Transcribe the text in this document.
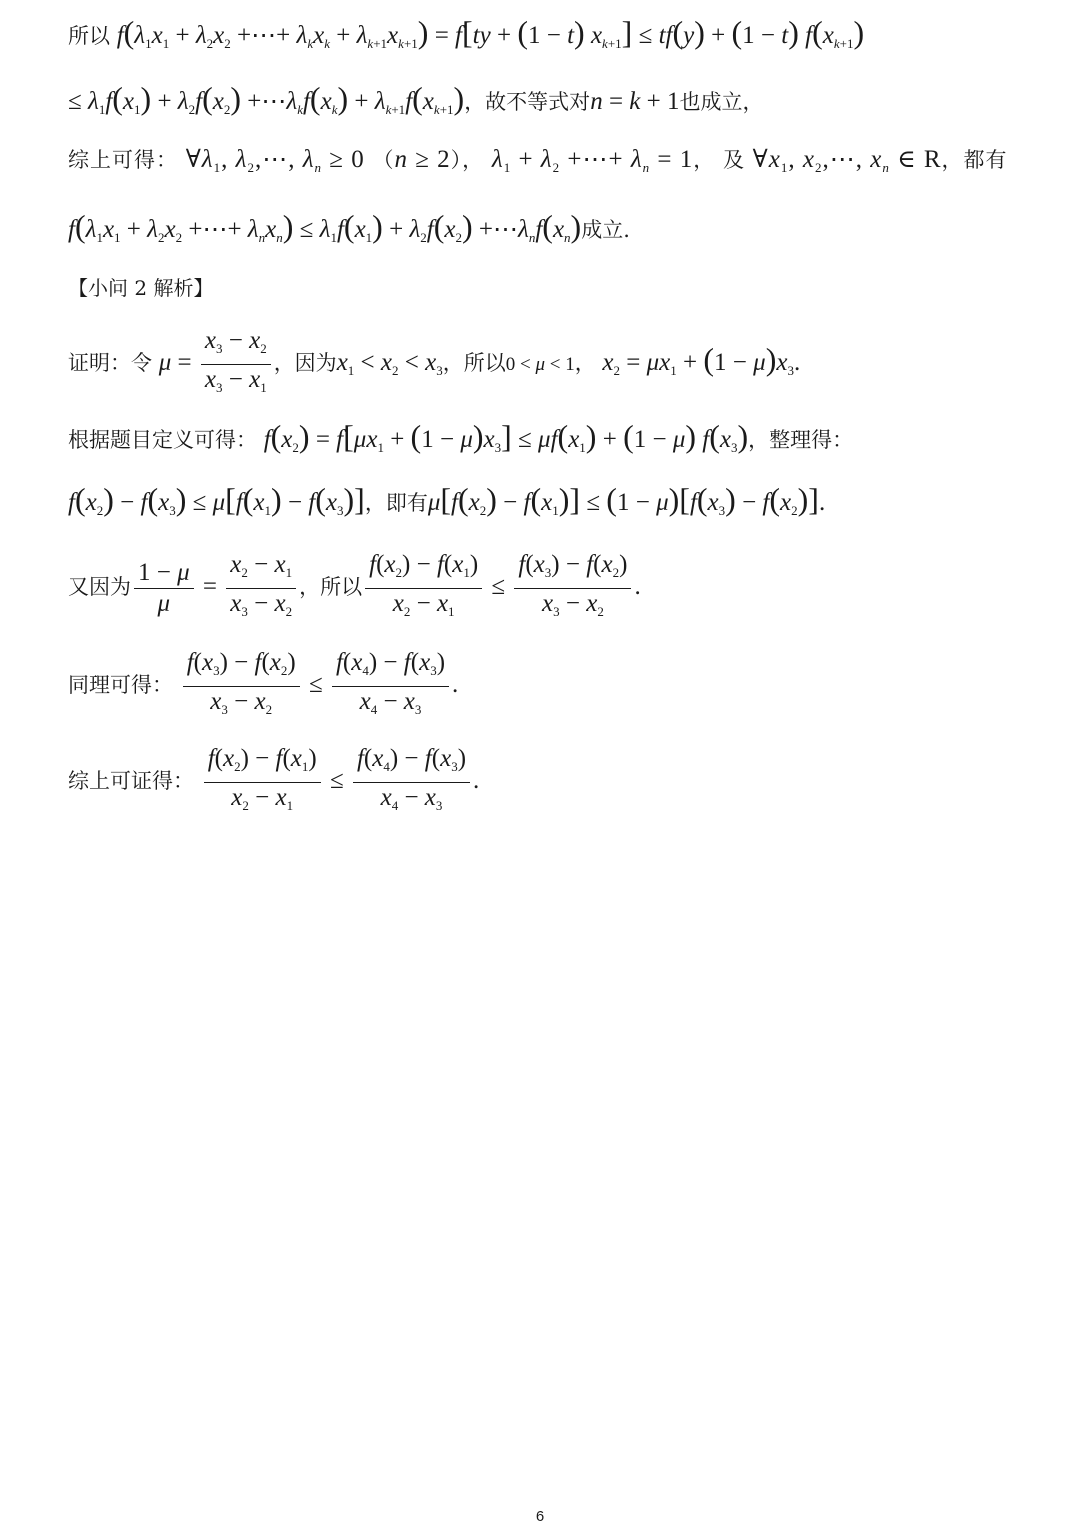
所以 $f(\lambda_1x_1 + \lambda_2x_2$ +⋯+ $\lambda_kx_k + \lambda_{k+1}x_{k+1}) = f[ty + (1 - t)$ $x_{k+1}] \le tf(y) + (1 - t)$ $f(x_{k+1})$
≤ $\lambda_1f(x_1) + \lambda_2f(x_2)$ $+\cdots\lambda_kf(x_k) + \lambda_{k+1}f(x_{k+1})$，故不等式对n = k + 1也成立，
综上可得： $\forall\lambda_1$, $\lambda_2,\cdots$, $\lambda_n \ge 0$ （n ≥ 2）， $\lambda_1 + \lambda_2$ +⋯+ $\lambda_n = 1$， 及 $\forall x_1$, $x_2,\cdots$, $x_n$ ∈ R，都有
$f(\lambda_1x_1 + \lambda_2x_2$ +⋯+ $\lambda_nx_n) \le \lambda_1f(x_1) + \lambda_2f(x_2)$ $+\cdots\lambda_nf(x_n)$成立.
【小问 2 解析】
证明：令 $\mu = \frac{x_3 - x_2}{x_3 - x_1}$ ，因为$x_1 < x_2 < x_3$，所以0 < μ < 1， $x_2 = \mu x_1 + (1 - \mu)x_3$.
根据题目定义可得： $f(x_2) = f[\mu x_1 + (1 - \mu)x_3] \le \mu f(x_1) + (1 - \mu)$ $f(x_3)$，整理得：
$f(x_2) - f(x_3) \le \mu[f(x_1) - f(x_3)]$，即有$\mu[f(x_2) - f(x_1)] \le (1 - \mu)[f(x_3) - f(x_2)]$.
又因为 $\frac{1 - \mu}{\mu} = \frac{x_2 - x_1}{x_3 - x_2}$ ，所以 $\frac{f(x_2) - f(x_1)}{x_2 - x_1} \le \frac{f(x_3) - f(x_2)}{x_3 - x_2}$ .
同理可得： $\frac{f(x_3) - f(x_2)}{x_3 - x_2} \le \frac{f(x_4) - f(x_3)}{x_4 - x_3}$ .
综上可证得： $\frac{f(x_2) - f(x_1)}{x_2 - x_1} \le \frac{f(x_4) - f(x_3)}{x_4 - x_3}$ .
6
